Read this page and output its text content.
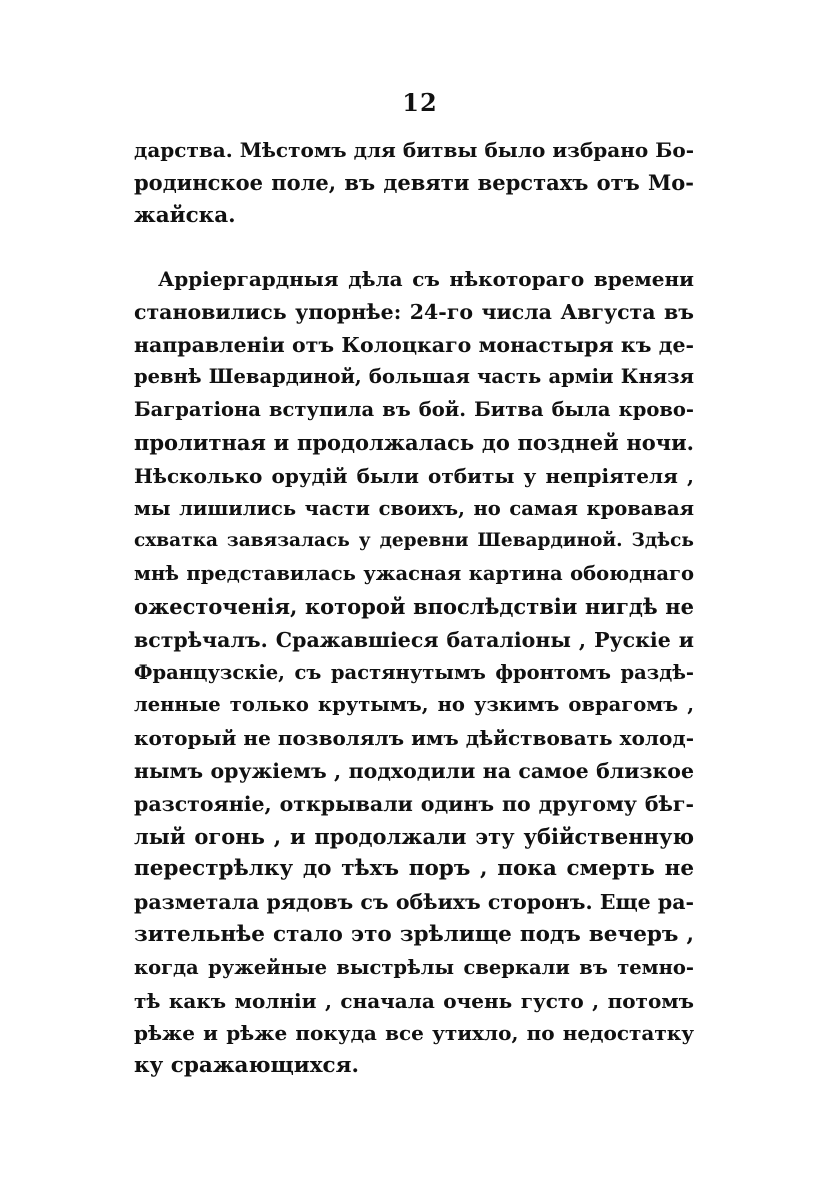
12
дарства. Мѣстомъ для битвы было избрано Бо-
родинское поле, въ девяти верстахъ отъ Мо-
жайска.
Арріергардныя дѣла съ нѣкотораго времени
становились упорнѣе: 24-го числа Августа въ
направленіи отъ Колоцкаго монастыря къ де-
ревнѣ Шевардиной, большая часть арміи Князя
Багратіона вступила въ бой. Битва была крово-
пролитная и продолжалась до поздней ночи.
Нѣсколько орудій были отбиты у непріятеля ,
мы лишились части своихъ, но самая кровавая
схватка завязалась у деревни Шевардиной. Здѣсь
мнѣ представилась ужасная картина обоюднаго
ожесточенія, которой впослѣдствіи нигдѣ не
встрѣчалъ. Сражавшіеся баталіоны , Руcкіе и
Французскіе, съ растянутымъ фронтомъ раздѣ-
ленные только крутымъ, но узкимъ оврагомъ ,
который не позволялъ имъ дѣйствовать холод-
нымъ оружіемъ , подходили на самое близкое
разстояніе, открывали одинъ по другому бѣг-
лый огонь , и продолжали эту убійственную
перестрѣлку до тѣхъ поръ , пока смерть не
разметала рядовъ съ обѣихъ сторонъ. Еще ра-
зительнѣе стало это зрѣлище подъ вечеръ ,
когда ружейные выстрѣлы сверкали въ темно-
тѣ какъ молніи , сначала очень густо , потомъ
рѣже и рѣже покуда все утихло, по недостатку
ку сражающихся.
